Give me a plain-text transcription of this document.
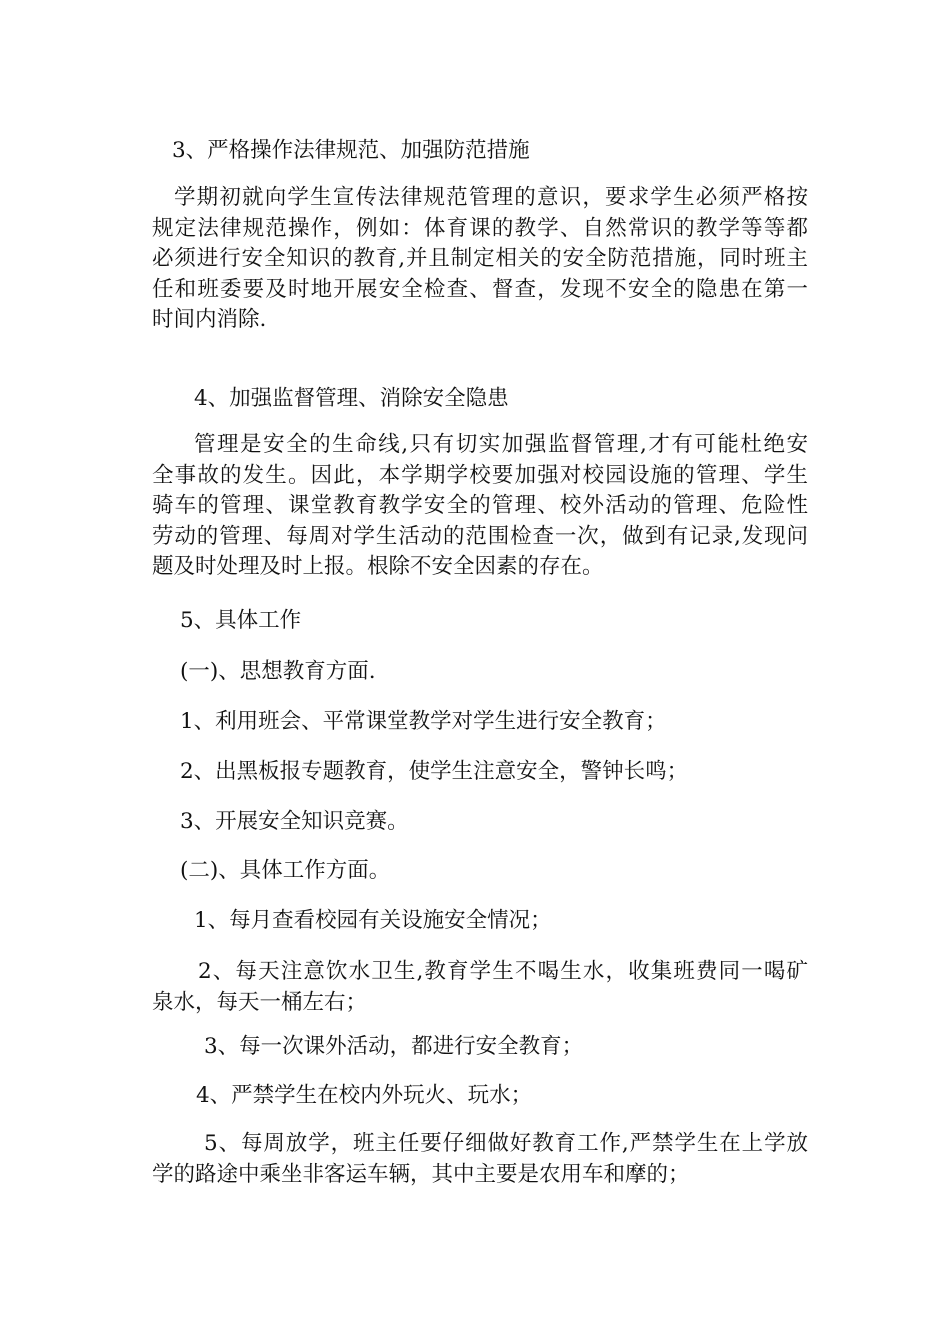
3、严格操作法律规范、加强防范措施
学期初就向学生宣传法律规范管理的意识，要求学生必须严格按
规定法律规范操作，例如：体育课的教学、自然常识的教学等等都
必须进行安全知识的教育,并且制定相关的安全防范措施，同时班主
任和班委要及时地开展安全检查、督查，发现不安全的隐患在第一
时间内消除.
4、加强监督管理、消除安全隐患
管理是安全的生命线,只有切实加强监督管理,才有可能杜绝安
全事故的发生。因此，本学期学校要加强对校园设施的管理、学生
骑车的管理、课堂教育教学安全的管理、校外活动的管理、危险性
劳动的管理、每周对学生活动的范围检查一次，做到有记录,发现问
题及时处理及时上报。根除不安全因素的存在。
5、具体工作
(一)、思想教育方面.
1、利用班会、平常课堂教学对学生进行安全教育；
2、出黑板报专题教育，使学生注意安全，警钟长鸣；
3、开展安全知识竞赛。
(二)、具体工作方面。
1、每月查看校园有关设施安全情况；
2、每天注意饮水卫生,教育学生不喝生水，收集班费同一喝矿
泉水，每天一桶左右；
3、每一次课外活动，都进行安全教育；
4、严禁学生在校内外玩火、玩水；
5、每周放学，班主任要仔细做好教育工作,严禁学生在上学放
学的路途中乘坐非客运车辆，其中主要是农用车和摩的；
